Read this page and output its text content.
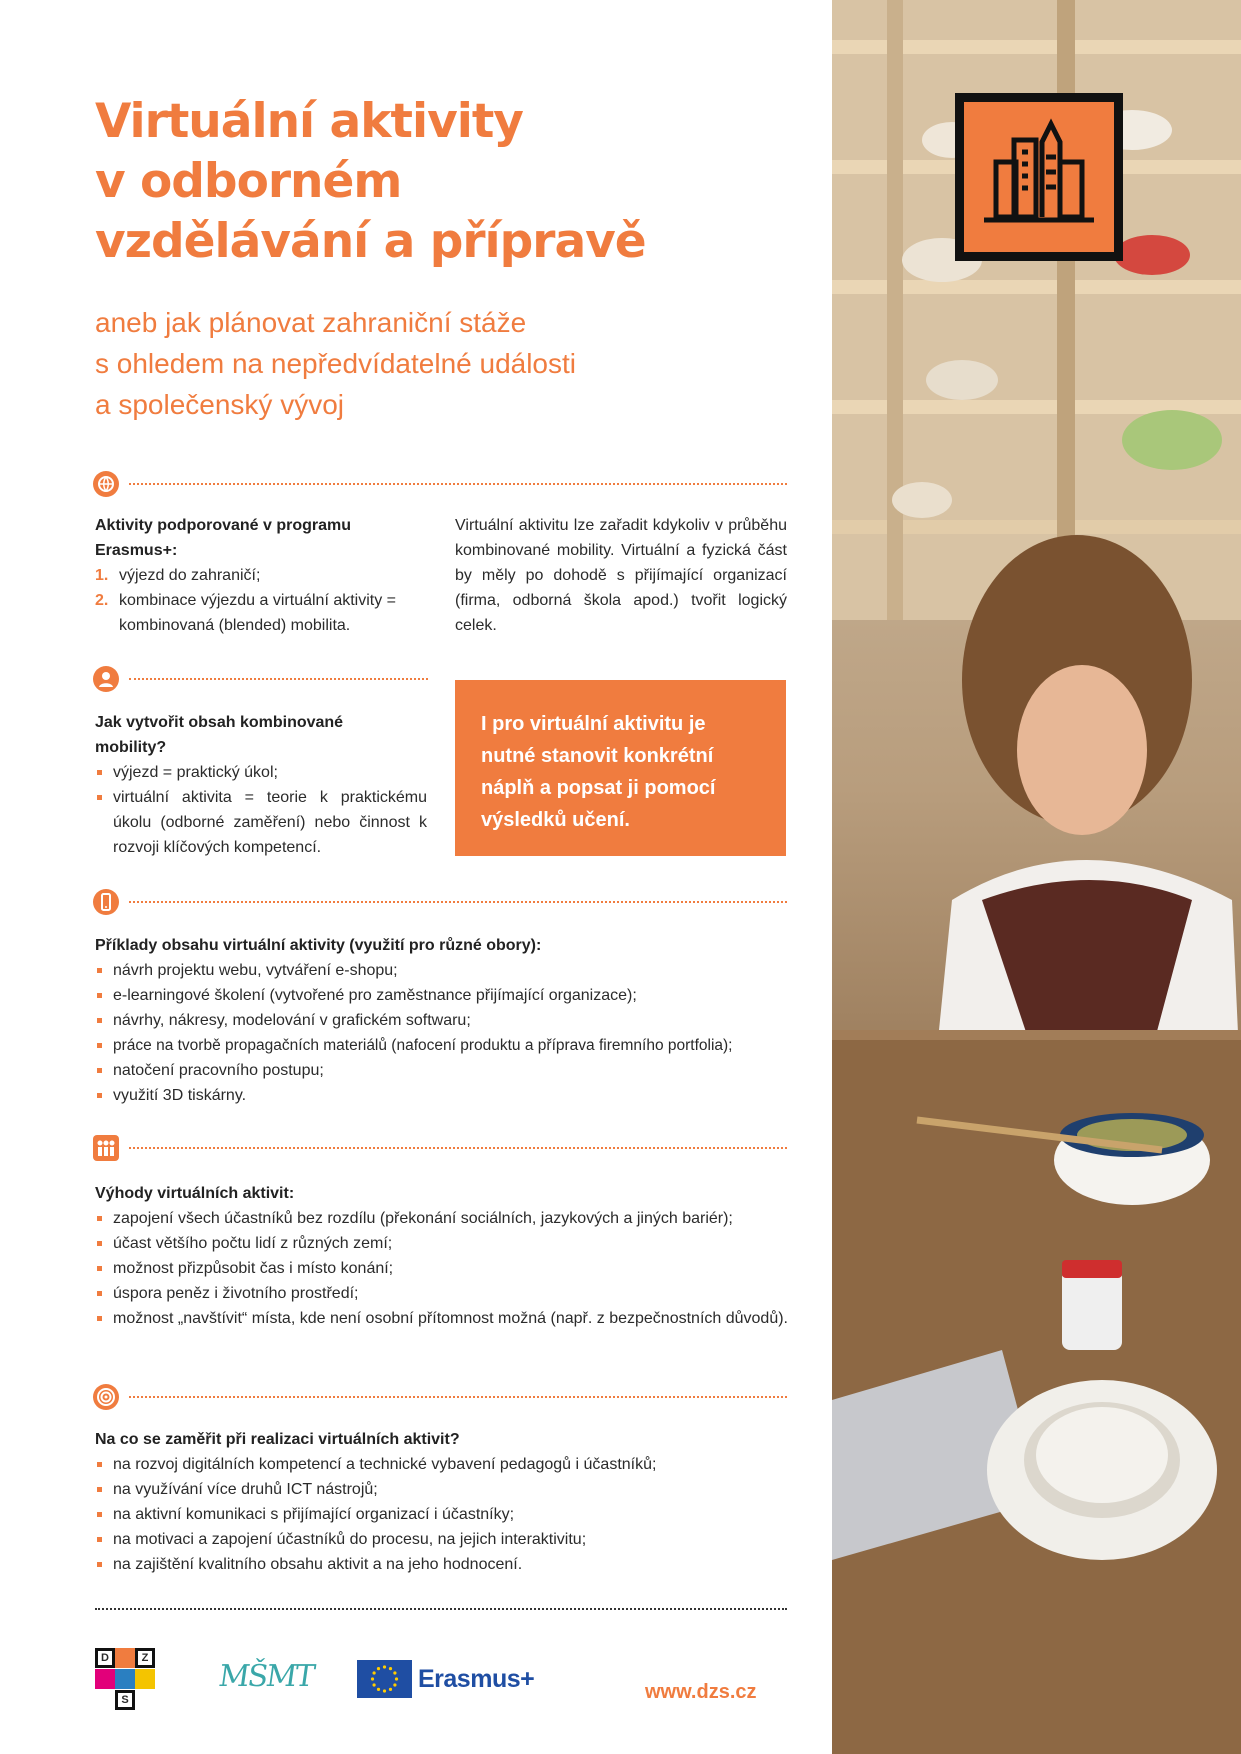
Virtuální aktivity
v odborném
vzdělávání a přípravě
aneb jak plánovat zahraniční stáže
s ohledem na nepředvídatelné události
a společenský vývoj
Aktivity podporované v programu Erasmus+:
1. výjezd do zahraničí;
2. kombinace výjezdu a virtuální aktivity = kombinovaná (blended) mobilita.
Virtuální aktivitu lze zařadit kdykoliv v průběhu kombinované mobility. Virtuální a fyzická část by měly po dohodě s přijímající organizací (firma, odborná škola apod.) tvořit logický celek.
Jak vytvořit obsah kombinované mobility?
výjezd = praktický úkol;
virtuální aktivita = teorie k praktickému úkolu (odborné zaměření) nebo činnost k rozvoji klíčových kompetencí.
I pro virtuální aktivitu je nutné stanovit konkrétní náplň a popsat ji pomocí výsledků učení.
Příklady obsahu virtuální aktivity (využití pro různé obory):
návrh projektu webu, vytváření e-shopu;
e-learningové školení (vytvořené pro zaměstnance přijímající organizace);
návrhy, nákresy, modelování v grafickém softwaru;
práce na tvorbě propagačních materiálů (nafocení produktu a příprava firemního portfolia);
natočení pracovního postupu;
využití 3D tiskárny.
Výhody virtuálních aktivit:
zapojení všech účastníků bez rozdílu (překonání sociálních, jazykových a jiných bariér);
účast většího počtu lidí z různých zemí;
možnost přizpůsobit čas i místo konání;
úspora peněz i životního prostředí;
možnost „navštívit“ místa, kde není osobní přítomnost možná (např. z bezpečnostních důvodů).
Na co se zaměřit při realizaci virtuálních aktivit?
na rozvoj digitálních kompetencí a technické vybavení pedagogů i účastníků;
na využívání více druhů ICT nástrojů;
na aktivní komunikaci s přijímající organizací i účastníky;
na motivaci a zapojení účastníků do procesu, na jejich interaktivitu;
na zajištění kvalitního obsahu aktivit a na jeho hodnocení.
D	Z
S
MŠMT	Erasmus+	www.dzs.cz
